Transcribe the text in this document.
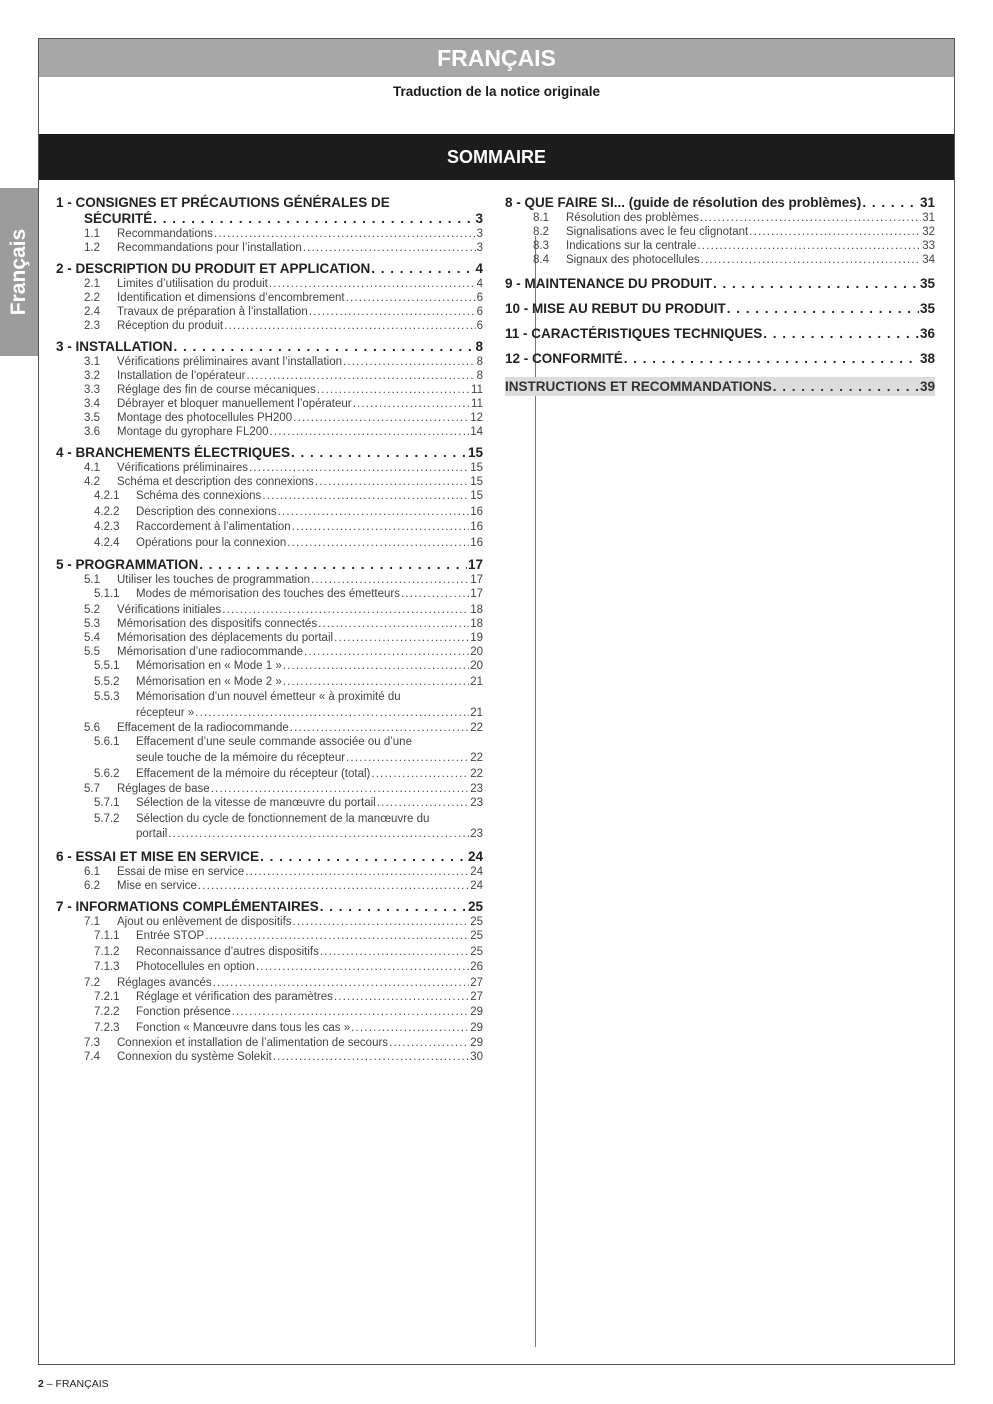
FRANÇAIS
Traduction de la notice originale
SOMMAIRE
Français
1 - CONSIGNES ET PRÉCAUTIONS GÉNÉRALES DE
SÉCURITÉ . . .	3
1.1	Recommandations . . .	3
1.2	Recommandations pour l’installation . . .	3
2 - DESCRIPTION DU PRODUIT ET APPLICATION . . .	4
2.1	Limites d’utilisation du produit . . .	4
2.2	Identification et dimensions d’encombrement . . .	6
2.4	Travaux de préparation à l’installation . . .	6
2.3	Réception du produit . . .	6
3 - INSTALLATION . . .	8
3.1	Vérifications préliminaires avant l’installation . . .	8
3.2	Installation de l’opérateur . . .	8
3.3	Réglage des fin de course mécaniques . . .	11
3.4	Débrayer et bloquer manuellement l’opérateur . . .	11
3.5	Montage des photocellules PH200 . . .	12
3.6	Montage du gyrophare FL200 . . .	14
4 - BRANCHEMENTS ÉLECTRIQUES . . .	15
4.1	Vérifications préliminaires . . .	15
4.2	Schéma et description des connexions . . .	15
4.2.1	Schéma des connexions . . .	15
4.2.2	Description des connexions . . .	16
4.2.3	Raccordement à l’alimentation . . .	16
4.2.4	Opérations pour la connexion . . .	16
5 - PROGRAMMATION . . .	17
5.1	Utiliser les touches de programmation . . .	17
5.1.1	Modes de mémorisation des touches des émetteurs . . .	17
5.2	Vérifications initiales . . .	18
5.3	Mémorisation des dispositifs connectés . . .	18
5.4	Mémorisation des déplacements du portail . . .	19
5.5	Mémorisation d’une radiocommande . . .	20
5.5.1	Mémorisation en « Mode 1 » . . .	20
5.5.2	Mémorisation en « Mode 2 » . . .	21
5.5.3 Mémorisation d’un nouvel émetteur « à proximité du
récepteur » . . .	21
5.6	Effacement de la radiocommande . . .	22
5.6.1 Effacement d’une seule commande associée ou d’une
seule touche de la mémoire du récepteur . . .	22
5.6.2	Effacement de la mémoire du récepteur (total) . . .	22
5.7	Réglages de base . . .	23
5.7.1	Sélection de la vitesse de manœuvre du portail . . .	23
5.7.2 Sélection du cycle de fonctionnement de la manœuvre du
portail . . .	23
6 - ESSAI ET MISE EN SERVICE . . .	24
6.1	Essai de mise en service . . .	24
6.2	Mise en service . . .	24
7 - INFORMATIONS COMPLÉMENTAIRES . . .	25
7.1	Ajout ou enlèvement de dispositifs . . .	25
7.1.1	Entrée STOP . . .	25
7.1.2	Reconnaissance d’autres dispositifs . . .	25
7.1.3	Photocellules en option . . .	26
7.2	Réglages avancés . . .	27
7.2.1	Réglage et vérification des paramètres . . .	27
7.2.2	Fonction présence . . .	29
7.2.3	Fonction « Manœuvre dans tous les cas » . . .	29
7.3	Connexion et installation de l’alimentation de secours . . .	29
7.4	Connexion du système Solekit . . .	30
8 - QUE FAIRE SI... (guide de résolution des problèmes) . . .	31
8.1	Résolution des problèmes . . .	31
8.2	Signalisations avec le feu clignotant . . .	32
8.3	Indications sur la centrale . . .	33
8.4	Signaux des photocellules . . .	34
9 - MAINTENANCE DU PRODUIT . . .	35
10 - MISE AU REBUT DU PRODUIT . . .	35
11 - CARACTÉRISTIQUES TECHNIQUES . . .	36
12 - CONFORMITÉ . . .	38
INSTRUCTIONS ET RECOMMANDATIONS . . .	39
2 – FRANÇAIS
